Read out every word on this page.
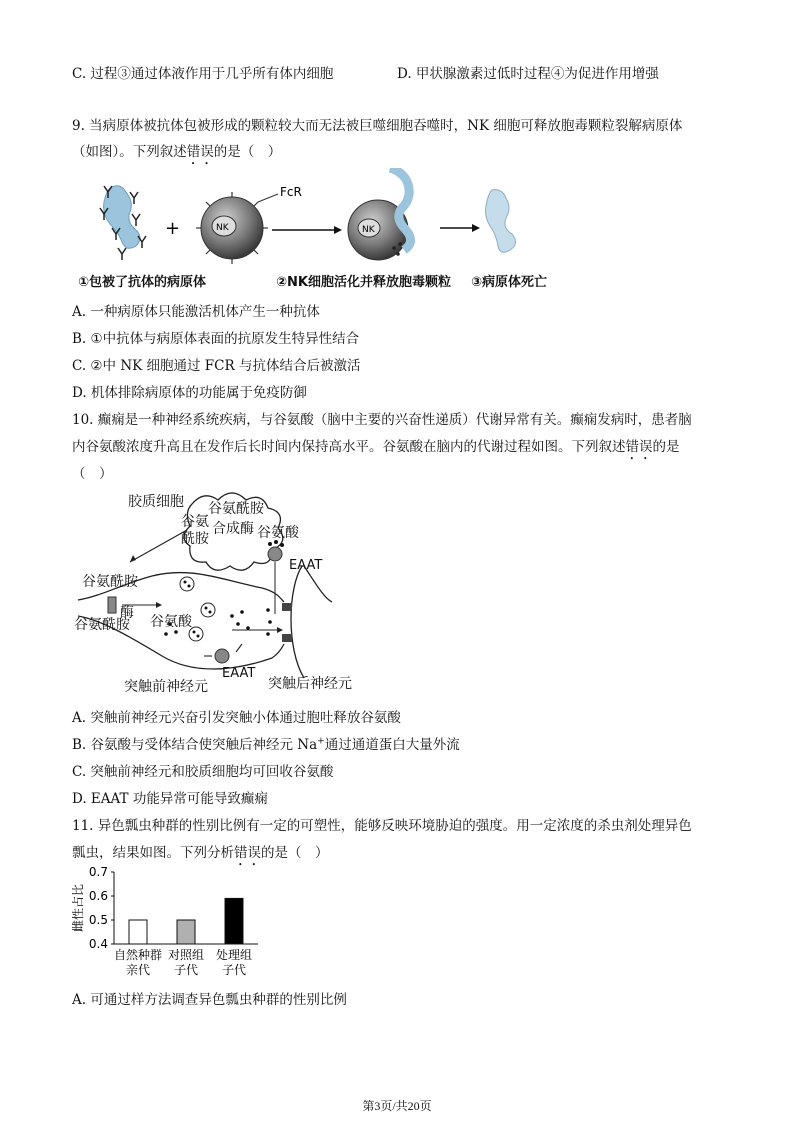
C. 过程③通过体液作用于几乎所有体内细胞	D. 甲状腺激素过低时过程④为促进作用增强
9. 当病原体被抗体包被形成的颗粒较大而无法被巨噬细胞吞噬时，NK 细胞可释放胞毒颗粒裂解病原体
（如图）。下列叙述错误的是（　）
+	NK
FcR
NK
①包被了抗体的病原体	②NK细胞活化并释放胞毒颗粒 ③病原体死亡
A. 一种病原体只能激活机体产生一种抗体
B. ①中抗体与病原体表面的抗原发生特异性结合
C. ②中 NK 细胞通过 FCR 与抗体结合后被激活
D. 机体排除病原体的功能属于免疫防御
10. 癫痫是一种神经系统疾病，与谷氨酸（脑中主要的兴奋性递质）代谢异常有关。癫痫发病时，患者脑
内谷氨酸浓度升高且在发作后长时间内保持高水平。谷氨酸在脑内的代谢过程如图。下列叙述错误的是
（　）
胶质细胞 谷氨酰胺
谷氨 合成酶
酰胺	谷氨酸
EAAT
谷氨酰胺
酶
谷氨酰胺 谷氨酸
EAAT
突触前神经元	突触后神经元
A. 突触前神经元兴奋引发突触小体通过胞吐释放谷氨酸
B. 谷氨酸与受体结合使突触后神经元 Na+通过通道蛋白大量外流
C. 突触前神经元和胶质细胞均可回收谷氨酸
D. EAAT 功能异常可能导致癫痫
11. 异色瓢虫种群的性别比例有一定的可塑性，能够反映环境胁迫的强度。用一定浓度的杀虫剂处理异色
瓢虫，结果如图。下列分析错误的是（　）
0.4
0.5
0.6
0.7
雌性占比
自然种群
亲代
对照组
子代
处理组
子代
A. 可通过样方法调查异色瓢虫种群的性别比例
第3页/共20页
